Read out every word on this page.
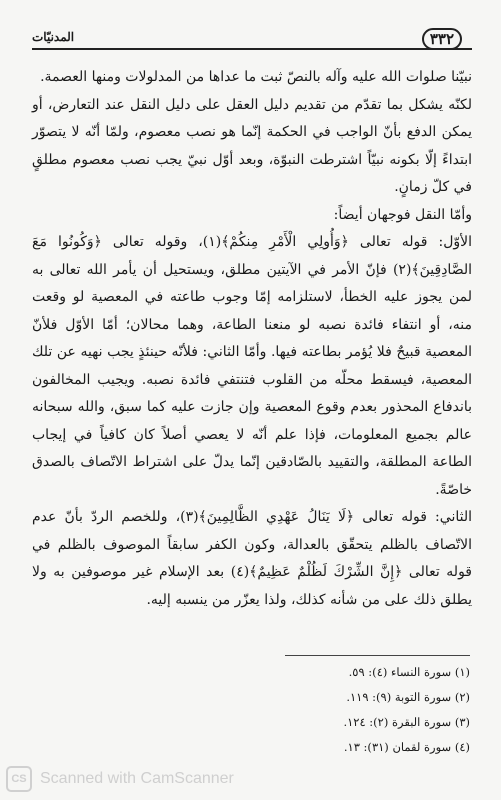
المدنيّات	٣٣٢

نبيّنا صلوات الله عليه وآله بالنصّ ثبت ما عداها من المدلولات ومنها العصمة.

لكنّه يشكل بما تقدّم من تقديم دليل العقل على دليل النقل عند التعارض، أو يمكن الدفع بأنّ الواجب في الحكمة إنّما هو نصب معصوم، ولمّا أنّه لا يتصوّر ابتداءً إلّا بكونه نبيّاً اشترطت النبوّة، وبعد أوّل نبيّ يجب نصب معصوم مطلقٍ في كلّ زمانٍ.

وأمّا النقل فوجهان أيضاً:

الأوّل: قوله تعالى ﴿وَأُولِي الْأَمْرِ مِنكُمْ﴾(١)، وقوله تعالى ﴿وَكُونُوا مَعَ الصَّادِقِينَ﴾(٢) فإنّ الأمر في الآيتين مطلق، ويستحيل أن يأمر الله تعالى به لمن يجوز عليه الخطأ، لاستلزامه إمّا وجوب طاعته في المعصية لو وقعت منه، أو انتفاء فائدة نصبه لو منعنا الطاعة، وهما محالان؛ أمّا الأوّل فلأنّ المعصية قبيحٌ فلا يُؤمر بطاعته فيها. وأمّا الثاني: فلأنّه حينئذٍ يجب نهيه عن تلك المعصية، فيسقط محلّه من القلوب فتنتفي فائدة نصبه. ويجيب المخالفون باندفاع المحذور بعدم وقوع المعصية وإن جازت عليه كما سبق، والله سبحانه عالم بجميع المعلومات، فإذا علم أنّه لا يعصي أصلاً كان كافياً في إيجاب الطاعة المطلقة، والتقييد بالصّادقين إنّما يدلّ على اشتراط الاتّصاف بالصدق خاصّةً.

الثاني: قوله تعالى ﴿لَا يَنَالُ عَهْدِي الظَّالِمِينَ﴾(٣)، وللخصم الردّ بأنّ عدم الاتّصاف بالظلم يتحقّق بالعدالة، وكون الكفر سابقاً الموصوف بالظلم في قوله تعالى ﴿إِنَّ الشِّرْكَ لَظُلْمٌ عَظِيمٌ﴾(٤) بعد الإسلام غير موصوفين به ولا يطلق ذلك على من شأنه كذلك، ولذا يعزّر من ينسبه إليه.

(١) سورة النساء (٤): ٥٩.
(٢) سورة التوبة (٩): ١١٩.
(٣) سورة البقرة (٢): ١٢٤.
(٤) سورة لقمان (٣١): ١٣.
CS Scanned with CamScanner
